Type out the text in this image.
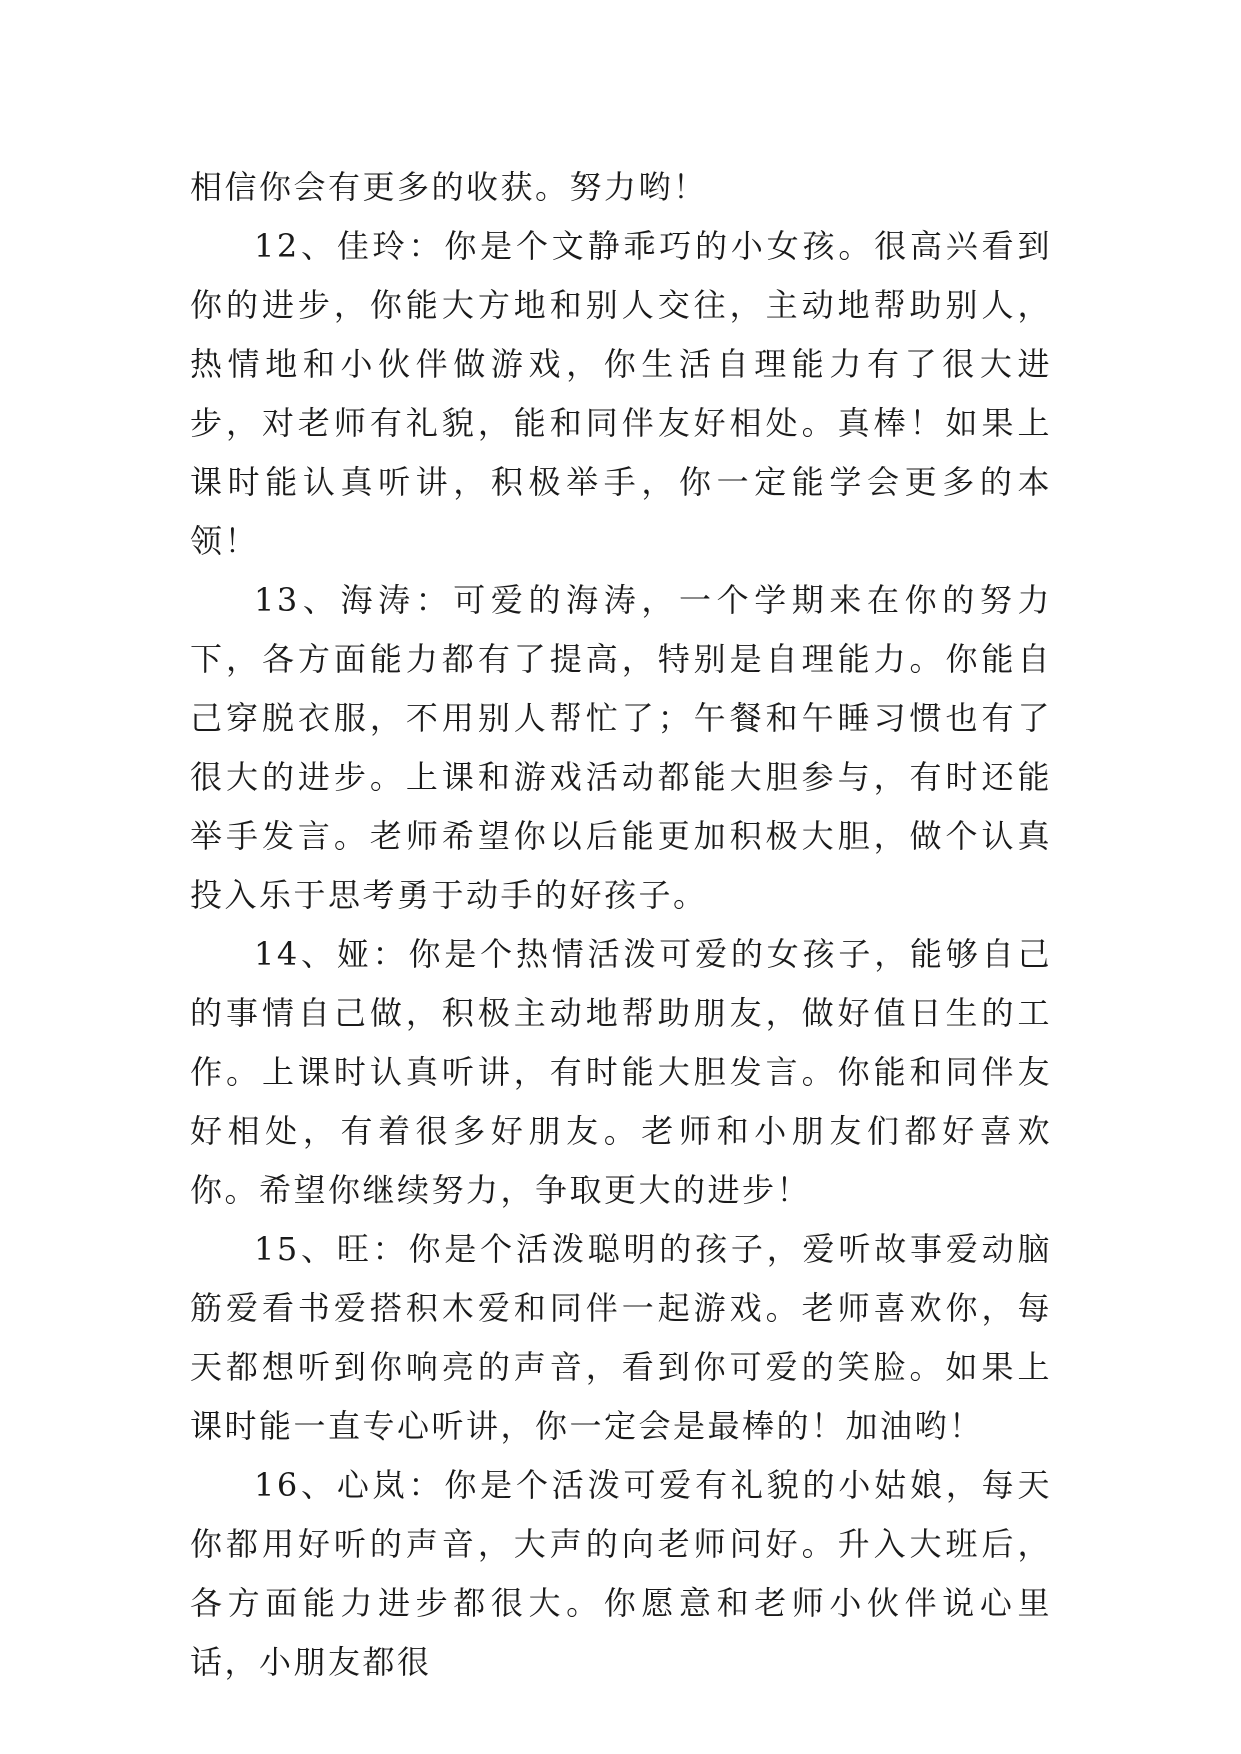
相信你会有更多的收获。努力哟！

12、佳玲：你是个文静乖巧的小女孩。很高兴看到你的进步，你能大方地和别人交往，主动地帮助别人，热情地和小伙伴做游戏，你生活自理能力有了很大进步，对老师有礼貌，能和同伴友好相处。真棒！如果上课时能认真听讲，积极举手，你一定能学会更多的本领！

13、海涛：可爱的海涛，一个学期来在你的努力下，各方面能力都有了提高，特别是自理能力。你能自己穿脱衣服，不用别人帮忙了；午餐和午睡习惯也有了很大的进步。上课和游戏活动都能大胆参与，有时还能举手发言。老师希望你以后能更加积极大胆，做个认真投入乐于思考勇于动手的好孩子。

14、娅：你是个热情活泼可爱的女孩子，能够自己的事情自己做，积极主动地帮助朋友，做好值日生的工作。上课时认真听讲，有时能大胆发言。你能和同伴友好相处，有着很多好朋友。老师和小朋友们都好喜欢你。希望你继续努力，争取更大的进步！

15、旺：你是个活泼聪明的孩子，爱听故事爱动脑筋爱看书爱搭积木爱和同伴一起游戏。老师喜欢你，每天都想听到你响亮的声音，看到你可爱的笑脸。如果上课时能一直专心听讲，你一定会是最棒的！加油哟！

16、心岚：你是个活泼可爱有礼貌的小姑娘，每天你都用好听的声音，大声的向老师问好。升入大班后，各方面能力进步都很大。你愿意和老师小伙伴说心里话，小朋友都很
